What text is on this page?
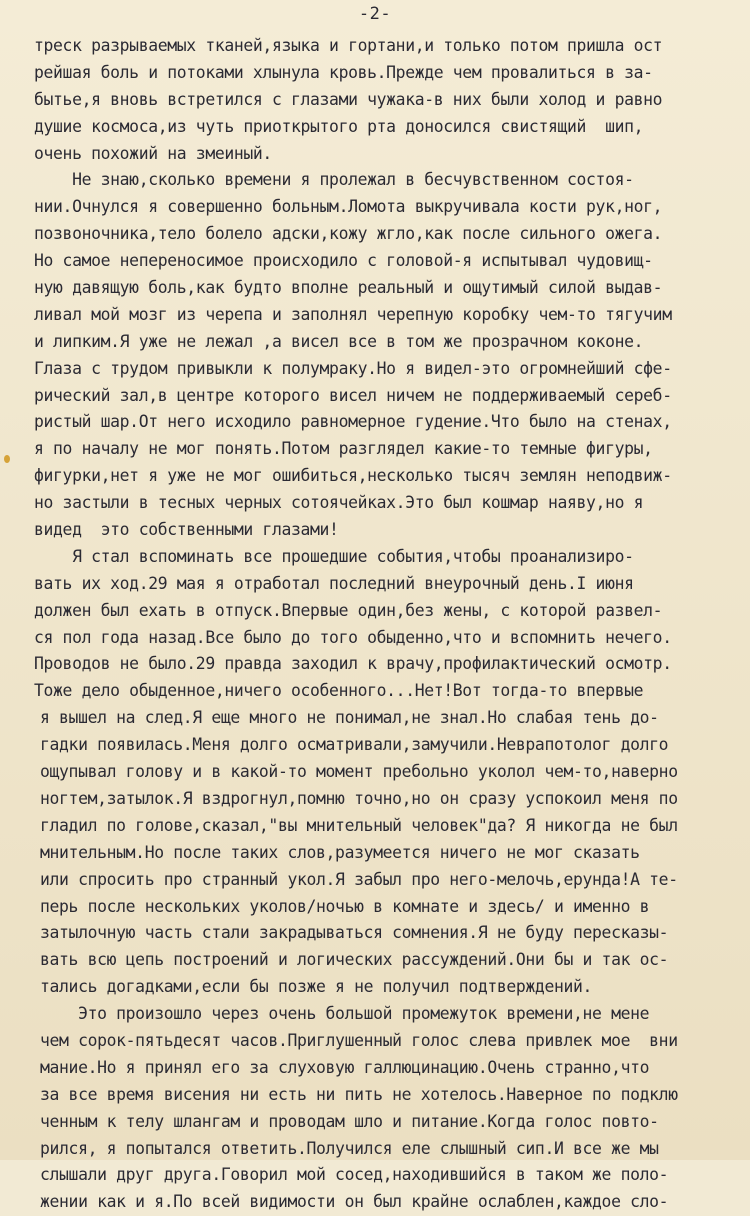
-2-
треск разрываемых тканей,языка и гортани,и только потом пришла ост
рейшая боль и потоками хлынула кровь.Прежде чем провалиться в за-
бытье,я вновь встретился с глазами чужака-в них были холод и равно
душие космоса,из чуть приоткрытого рта доносился свистящий  шип,
очень похожий на змеиный.
Не знаю,сколько времени я пролежал в бесчувственном состоя-
нии.Очнулся я совершенно больным.Ломота выкручивала кости рук,ног,
позвоночника,тело болело адски,кожу жгло,как после сильного ожега.
Но самое непереносимое происходило с головой-я испытывал чудовищ-
ную давящую боль,как будто вполне реальный и ощутимый силой выдав-
ливал мой мозг из черепа и заполнял черепную коробку чем-то тягучим
и липким.Я уже не лежал ,а висел все в том же прозрачном коконе.
Глаза с трудом привыкли к полумраку.Но я видел-это огромнейший сфе-
рический зал,в центре которого висел ничем не поддерживаемый сереб-
ристый шар.От него исходило равномерное гудение.Что было на стенах,
я по началу не мог понять.Потом разглядел какие-то темные фигуры,
фигурки,нет я уже не мог ошибиться,несколько тысяч землян неподвиж-
но застыли в тесных черных сотоячейках.Это был кошмар наяву,но я
видед  это собственными глазами!
Я стал вспоминать все прошедшие события,чтобы проанализиро-
вать их ход.29 мая я отработал последний внеурочный день.I июня
должен был ехать в отпуск.Впервые один,без жены, с которой развел-
ся пол года назад.Все было до того обыденно,что и вспомнить нечего.
Проводов не было.29 правда заходил к врачу,профилактический осмотр.
Тоже дело обыденное,ничего особенного...Нет!Вот тогда-то впервые
я вышел на след.Я еще много не понимал,не знал.Но слабая тень до-
гадки появилась.Меня долго осматривали,замучили.Неврапотолог долго
ощупывал голову и в какой-то момент пребольно уколол чем-то,наверно
ногтем,затылок.Я вздрогнул,помню точно,но он сразу успокоил меня по
гладил по голове,сказал,"вы мнительный человек"да? Я никогда не был
мнительным.Но после таких слов,разумеется ничего не мог сказать
или спросить про странный укол.Я забыл про него-мелочь,ерунда!А те-
перь после нескольких уколов/ночью в комнате и здесь/ и именно в
затылочную часть стали закрадываться сомнения.Я не буду пересказы-
вать всю цепь построений и логических рассуждений.Они бы и так ос-
тались догадками,если бы позже я не получил подтверждений.
Это произошло через очень большой промежуток времени,не мене
чем сорок-пятьдесят часов.Приглушенный голос слева привлек мое  вни
мание.Но я принял его за слуховую галлюцинацию.Очень странно,что
за все время висения ни есть ни пить не хотелось.Наверное по подклю
ченным к телу шлангам и проводам шло и питание.Когда голос повто-
рился, я попытался ответить.Получился еле слышный сип.И все же мы
слышали друг друга.Говорил мой сосед,находившийся в таком же поло-
жении как и я.По всей видимости он был крайне ослаблен,каждое сло-
